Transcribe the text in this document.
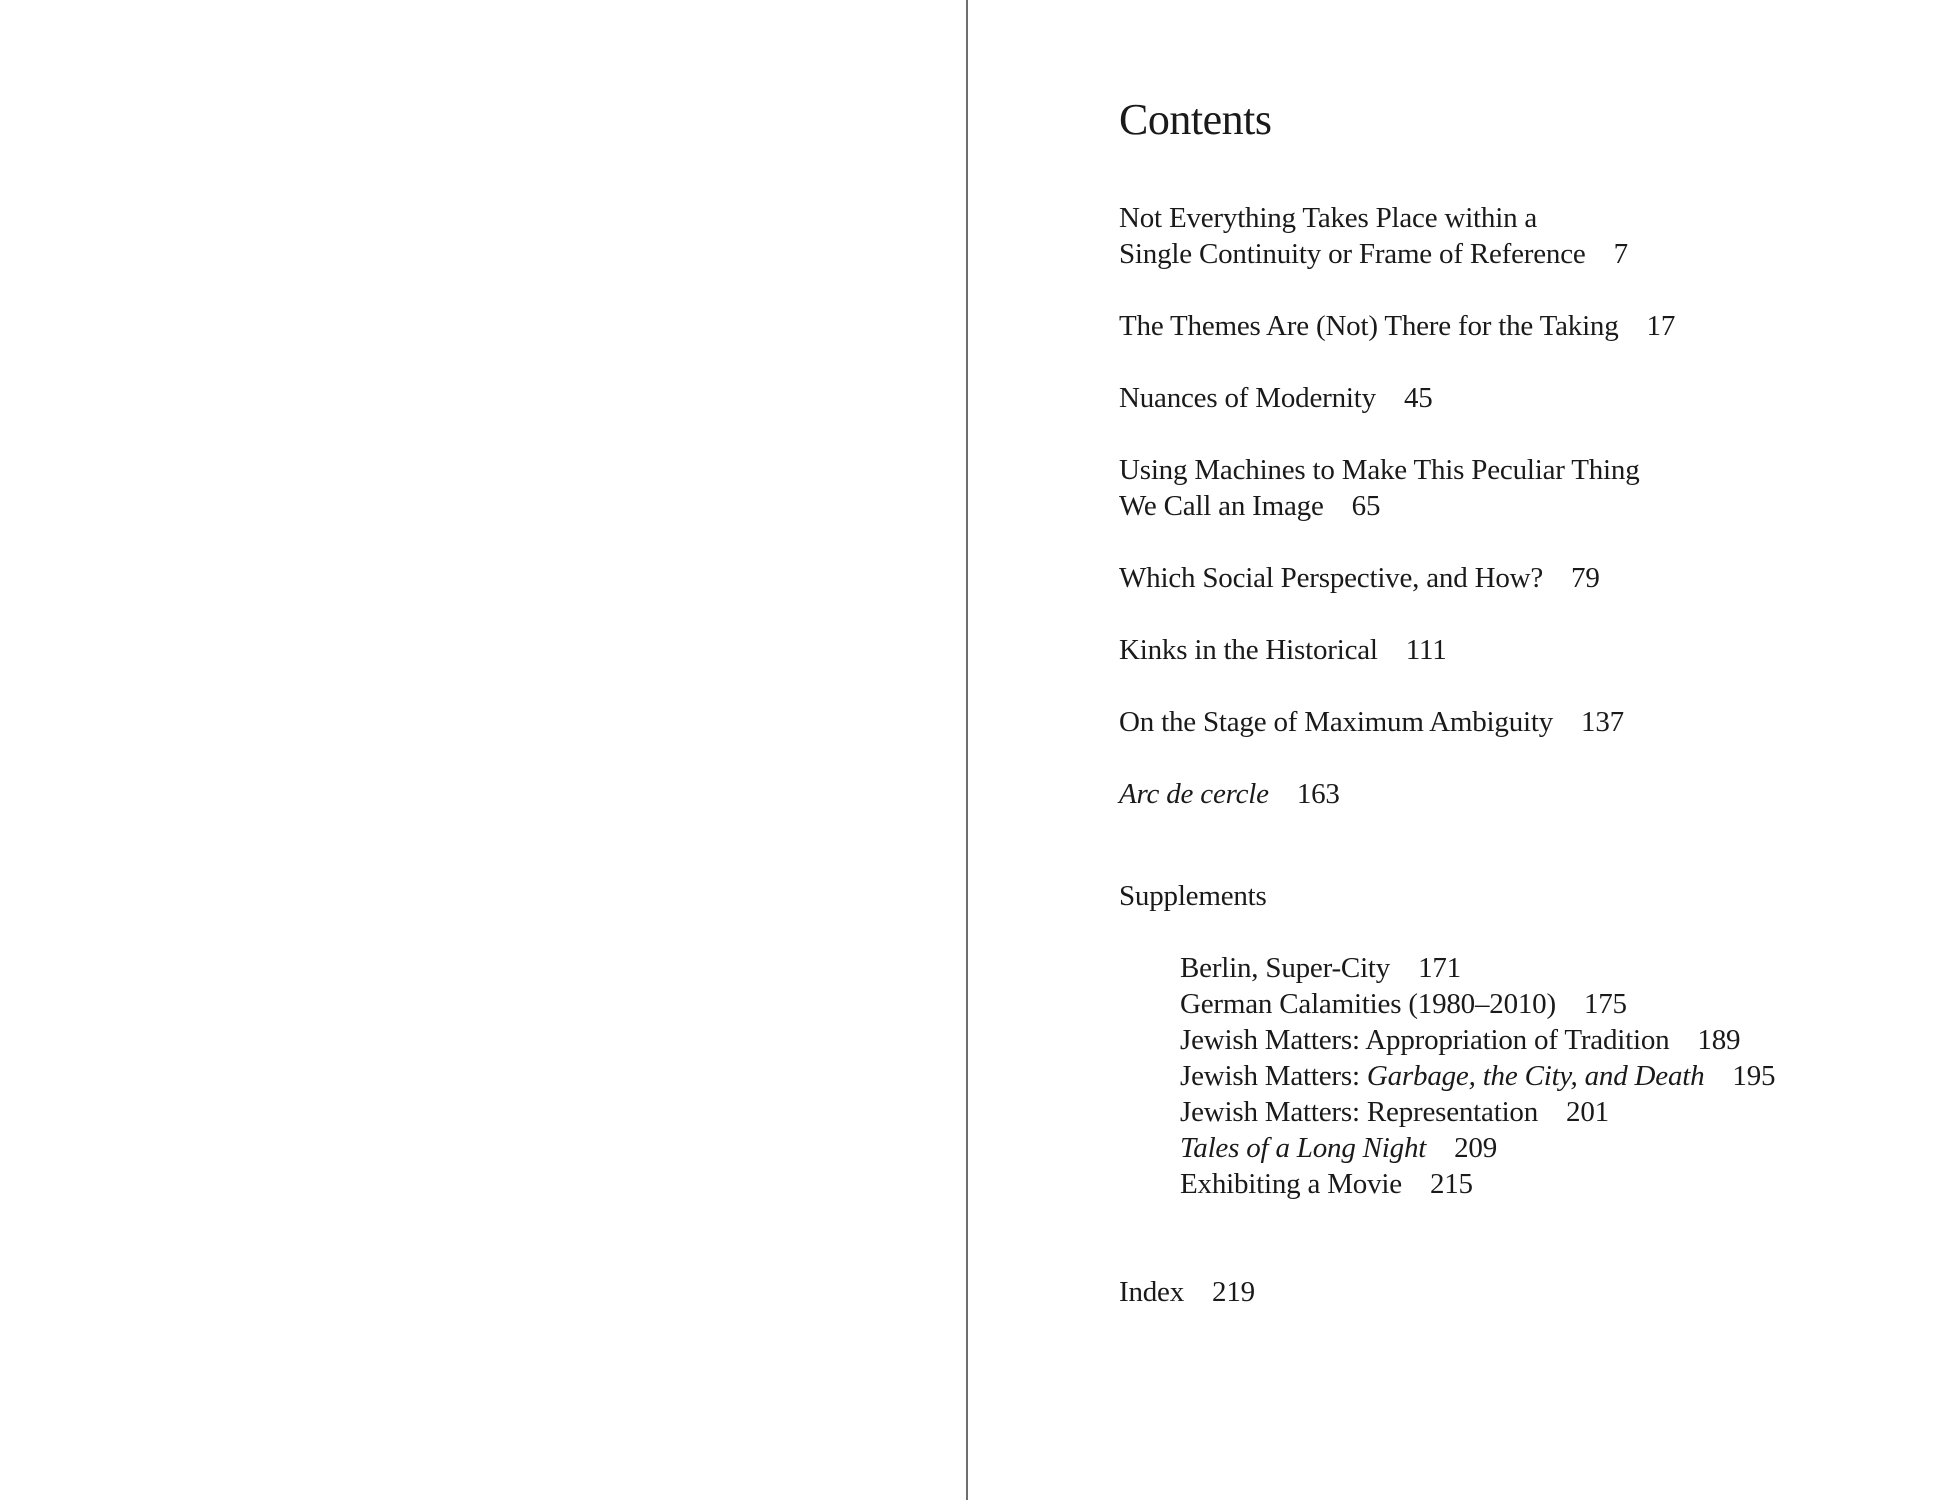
Contents
Not Everything Takes Place within a
Single Continuity or Frame of Reference 7
The Themes Are (Not) There for the Taking 17
Nuances of Modernity 45
Using Machines to Make This Peculiar Thing
We Call an Image 65
Which Social Perspective, and How? 79
Kinks in the Historical 111
On the Stage of Maximum Ambiguity 137
Arc de cercle 163
Supplements
Berlin, Super-City 171
German Calamities (1980–2010) 175
Jewish Matters: Appropriation of Tradition 189
Jewish Matters: Garbage, the City, and Death 195
Jewish Matters: Representation 201
Tales of a Long Night 209
Exhibiting a Movie 215
Index 219
